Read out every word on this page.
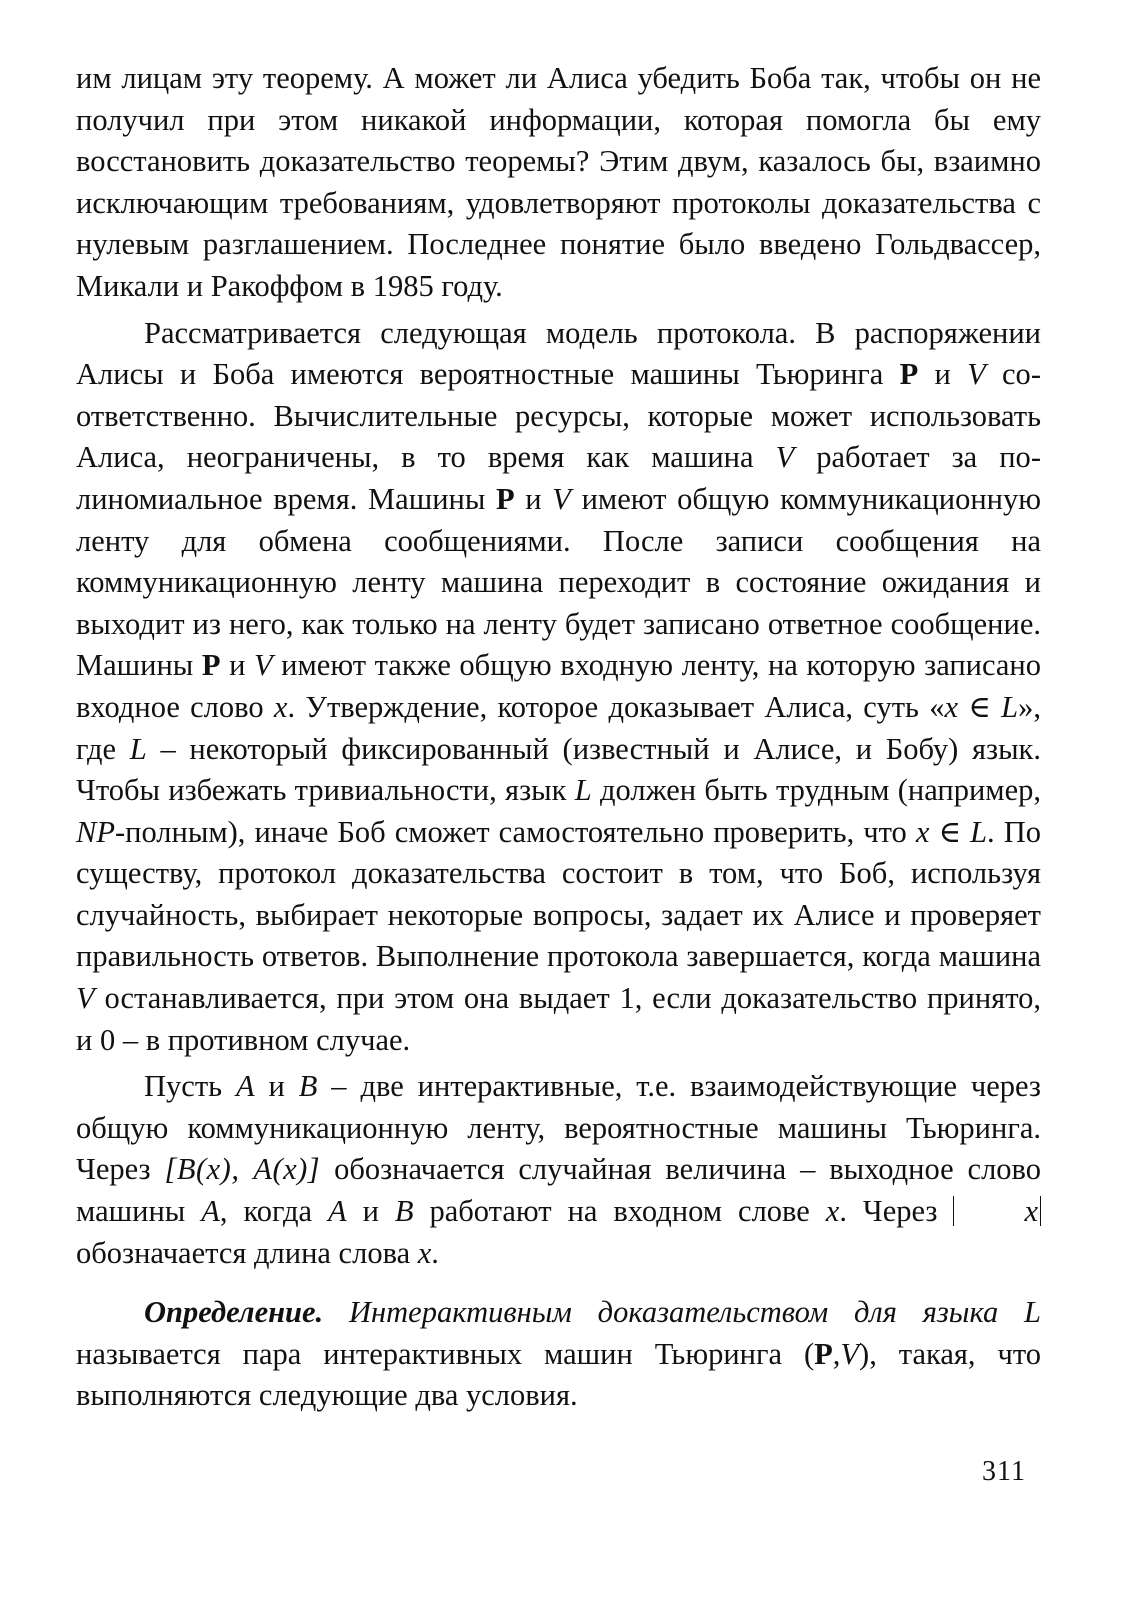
им лицам эту теорему. А может ли Алиса убедить Боба так, чтобы он не получил при этом никакой информации, которая помогла бы ему восстановить доказательство теоремы? Этим двум, казалось бы, взаимно исключающим требованиям, удовлетворяют протоколы доказательства с нулевым разглашением. Последнее понятие было введено Гольдвассер, Микали и Ракоффом в 1985 году.

Рассматривается следующая модель протокола. В распоряжении Алисы и Боба имеются вероятностные машины Тьюринга P и V соответственно. Вычислительные ресурсы, которые может использовать Алиса, неограничены, в то время как машина V работает за полиномиальное время. Машины P и V имеют общую коммуникационную ленту для обмена сообщениями. После записи сообщения на коммуникационную ленту машина переходит в состояние ожидания и выходит из него, как только на ленту будет записано ответное сообщение. Машины P и V имеют также общую входную ленту, на которую записано входное слово x. Утверждение, которое доказывает Алиса, суть «x ∈ L», где L – некоторый фиксированный (известный и Алисе, и Бобу) язык. Чтобы избежать тривиальности, язык L должен быть трудным (например, NP-полным), иначе Боб сможет самостоятельно проверить, что x ∈ L. По существу, протокол доказательства состоит в том, что Боб, используя случайность, выбирает некоторые вопросы, задает их Алисе и проверяет правильность ответов. Выполнение протокола завершается, когда машина V останавливается, при этом она выдает 1, если доказательство принято, и 0 – в противном случае.

Пусть A и B – две интерактивные, т.е. взаимодействующие через общую коммуникационную ленту, вероятностные машины Тьюринга. Через [B(x), A(x)] обозначается случайная величина – выходное слово машины A, когда A и B работают на входном слове x. Через x обозначается длина слова x.

Определение. Интерактивным доказательством для языка L называется пара интерактивных машин Тьюринга (P,V), такая, что выполняются следующие два условия.

311
